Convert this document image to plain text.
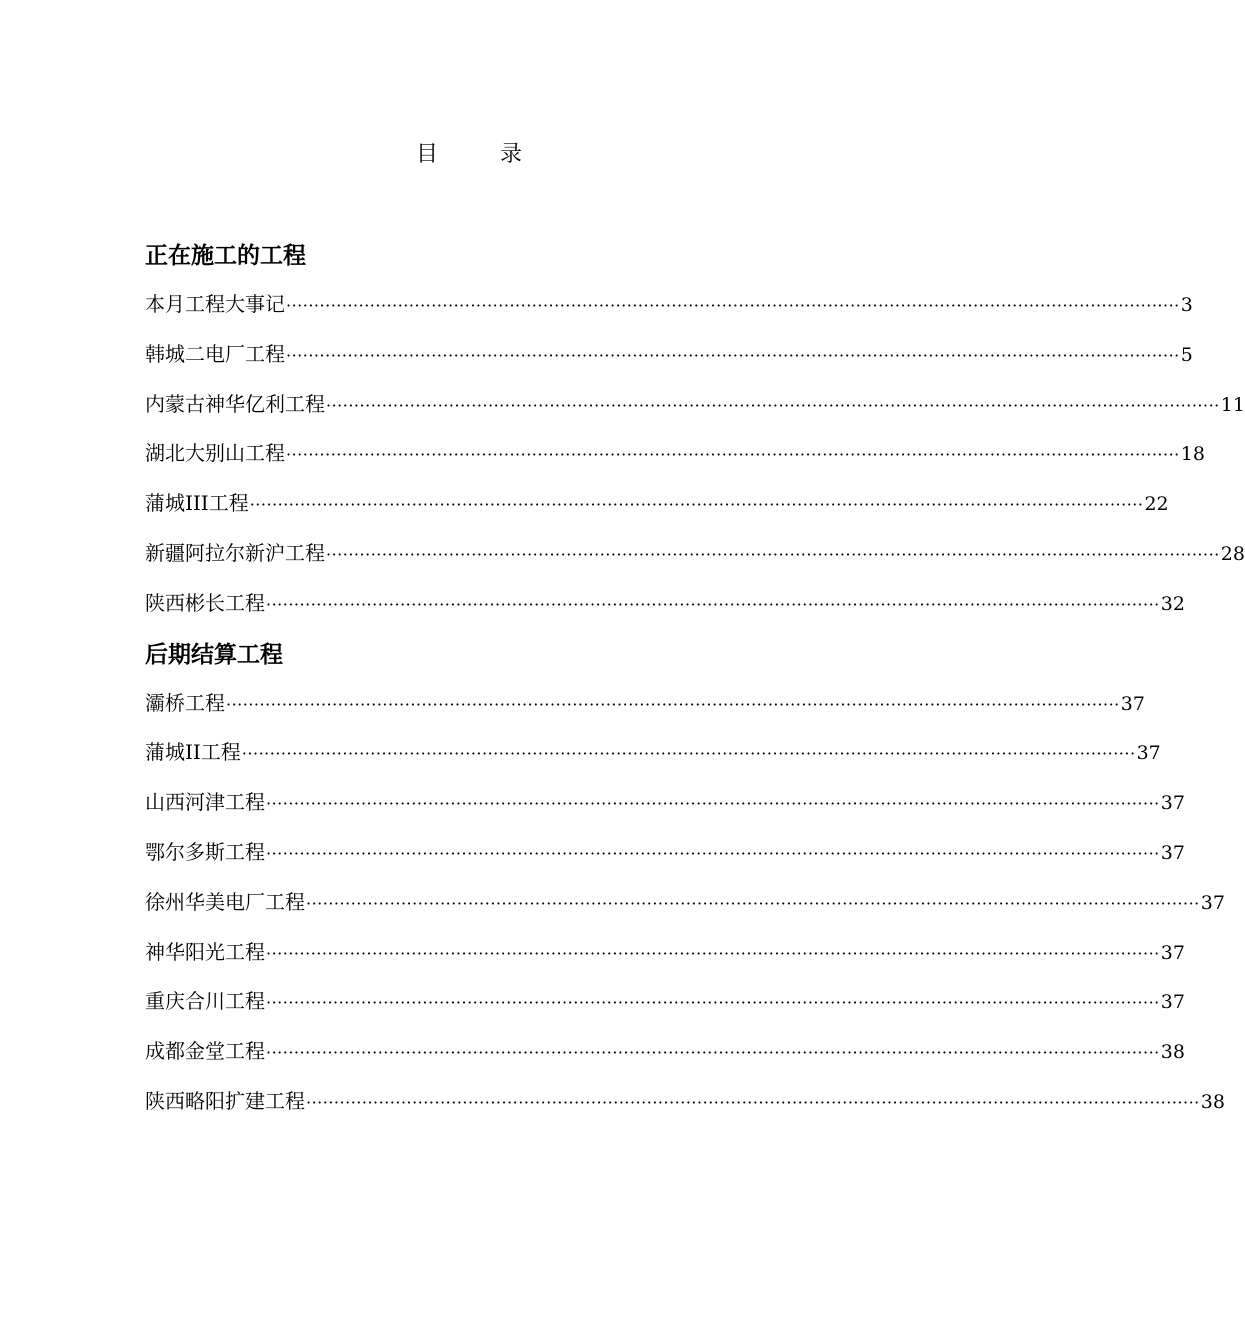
目	录
正在施工的工程
本月工程大事记 ································································································································································ 3
韩城二电厂工程 ································································································································································ 5
内蒙古神华亿利工程 ································································································································································ 11
湖北大别山工程 ································································································································································ 18
蒲城III工程 ································································································································································ 22
新疆阿拉尔新沪工程 ································································································································································ 28
陕西彬长工程 ································································································································································ 32
后期结算工程
灞桥工程 ································································································································································ 37
蒲城II工程 ································································································································································ 37
山西河津工程 ································································································································································ 37
鄂尔多斯工程 ································································································································································ 37
徐州华美电厂工程 ································································································································································ 37
神华阳光工程 ································································································································································ 37
重庆合川工程 ································································································································································ 37
成都金堂工程 ································································································································································ 38
陕西略阳扩建工程 ································································································································································ 38
